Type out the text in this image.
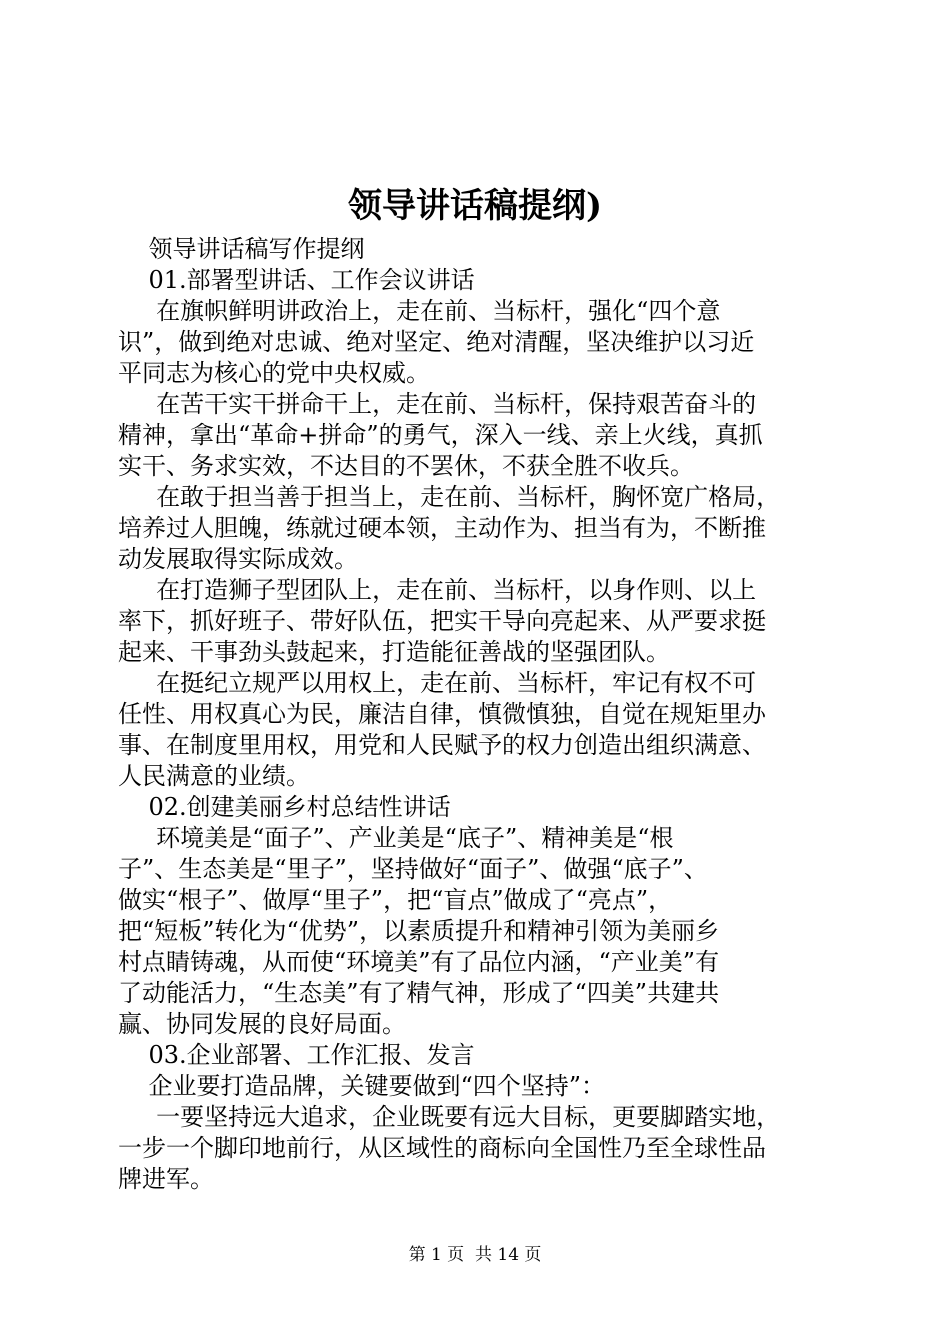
领导讲话稿提纲)
领导讲话稿写作提纲
01.部署型讲话、工作会议讲话
在旗帜鲜明讲政治上，走在前、当标杆，强化“四个意
识”，做到绝对忠诚、绝对坚定、绝对清醒，坚决维护以习近
平同志为核心的党中央权威。
在苦干实干拼命干上，走在前、当标杆，保持艰苦奋斗的
精神，拿出“革命+拼命”的勇气，深入一线、亲上火线，真抓
实干、务求实效，不达目的不罢休，不获全胜不收兵。
在敢于担当善于担当上，走在前、当标杆，胸怀宽广格局，
培养过人胆魄，练就过硬本领，主动作为、担当有为，不断推
动发展取得实际成效。
在打造狮子型团队上，走在前、当标杆，以身作则、以上
率下，抓好班子、带好队伍，把实干导向亮起来、从严要求挺
起来、干事劲头鼓起来，打造能征善战的坚强团队。
在挺纪立规严以用权上，走在前、当标杆，牢记有权不可
任性、用权真心为民，廉洁自律，慎微慎独，自觉在规矩里办
事、在制度里用权，用党和人民赋予的权力创造出组织满意、
人民满意的业绩。
02.创建美丽乡村总结性讲话
环境美是“面子”、产业美是“底子”、精神美是“根
子”、生态美是“里子”，坚持做好“面子”、做强“底子”、
做实“根子”、做厚“里子”，把“盲点”做成了“亮点”，
把“短板”转化为“优势”，以素质提升和精神引领为美丽乡
村点睛铸魂，从而使“环境美”有了品位内涵，“产业美”有
了动能活力，“生态美”有了精气神，形成了“四美”共建共
赢、协同发展的良好局面。
03.企业部署、工作汇报、发言
企业要打造品牌，关键要做到“四个坚持”：
一要坚持远大追求，企业既要有远大目标，更要脚踏实地，
一步一个脚印地前行，从区域性的商标向全国性乃至全球性品
牌进军。
第 1 页  共 14 页
